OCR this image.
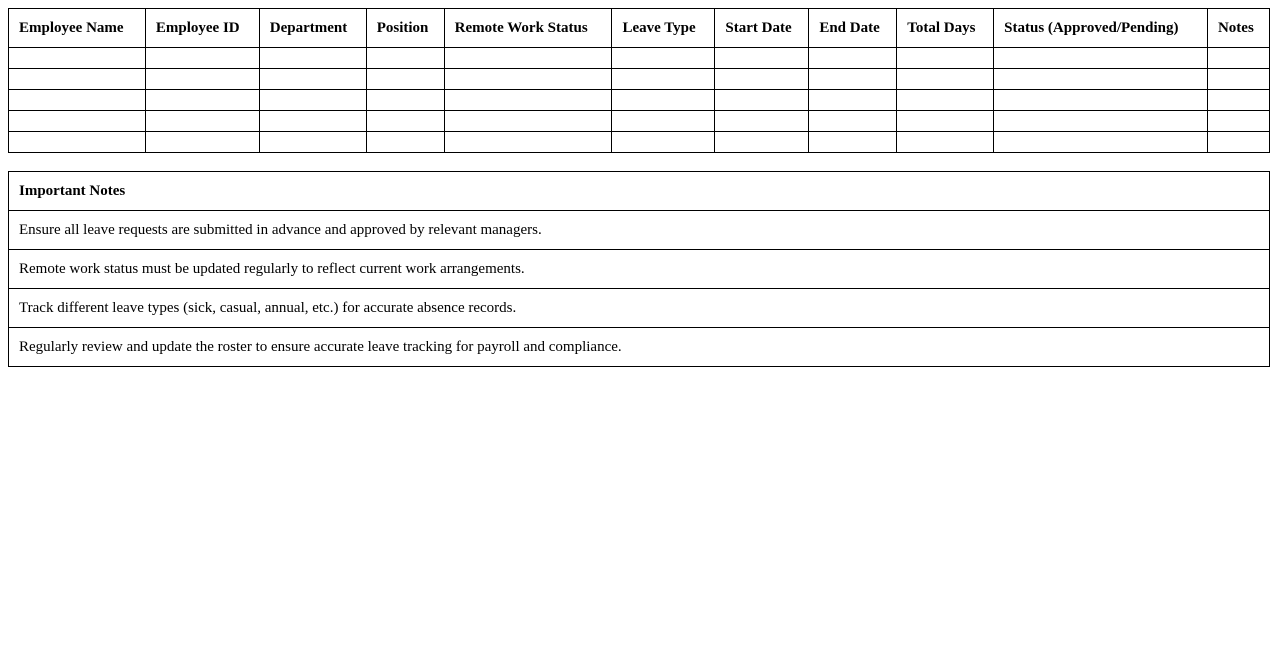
Employee Name	Employee ID	Department	Position	Remote Work Status	Leave Type	Start Date	End Date	Total Days	Status (Approved/Pending)	Notes

Important Notes
Ensure all leave requests are submitted in advance and approved by relevant managers.
Remote work status must be updated regularly to reflect current work arrangements.
Track different leave types (sick, casual, annual, etc.) for accurate absence records.
Regularly review and update the roster to ensure accurate leave tracking for payroll and compliance.
